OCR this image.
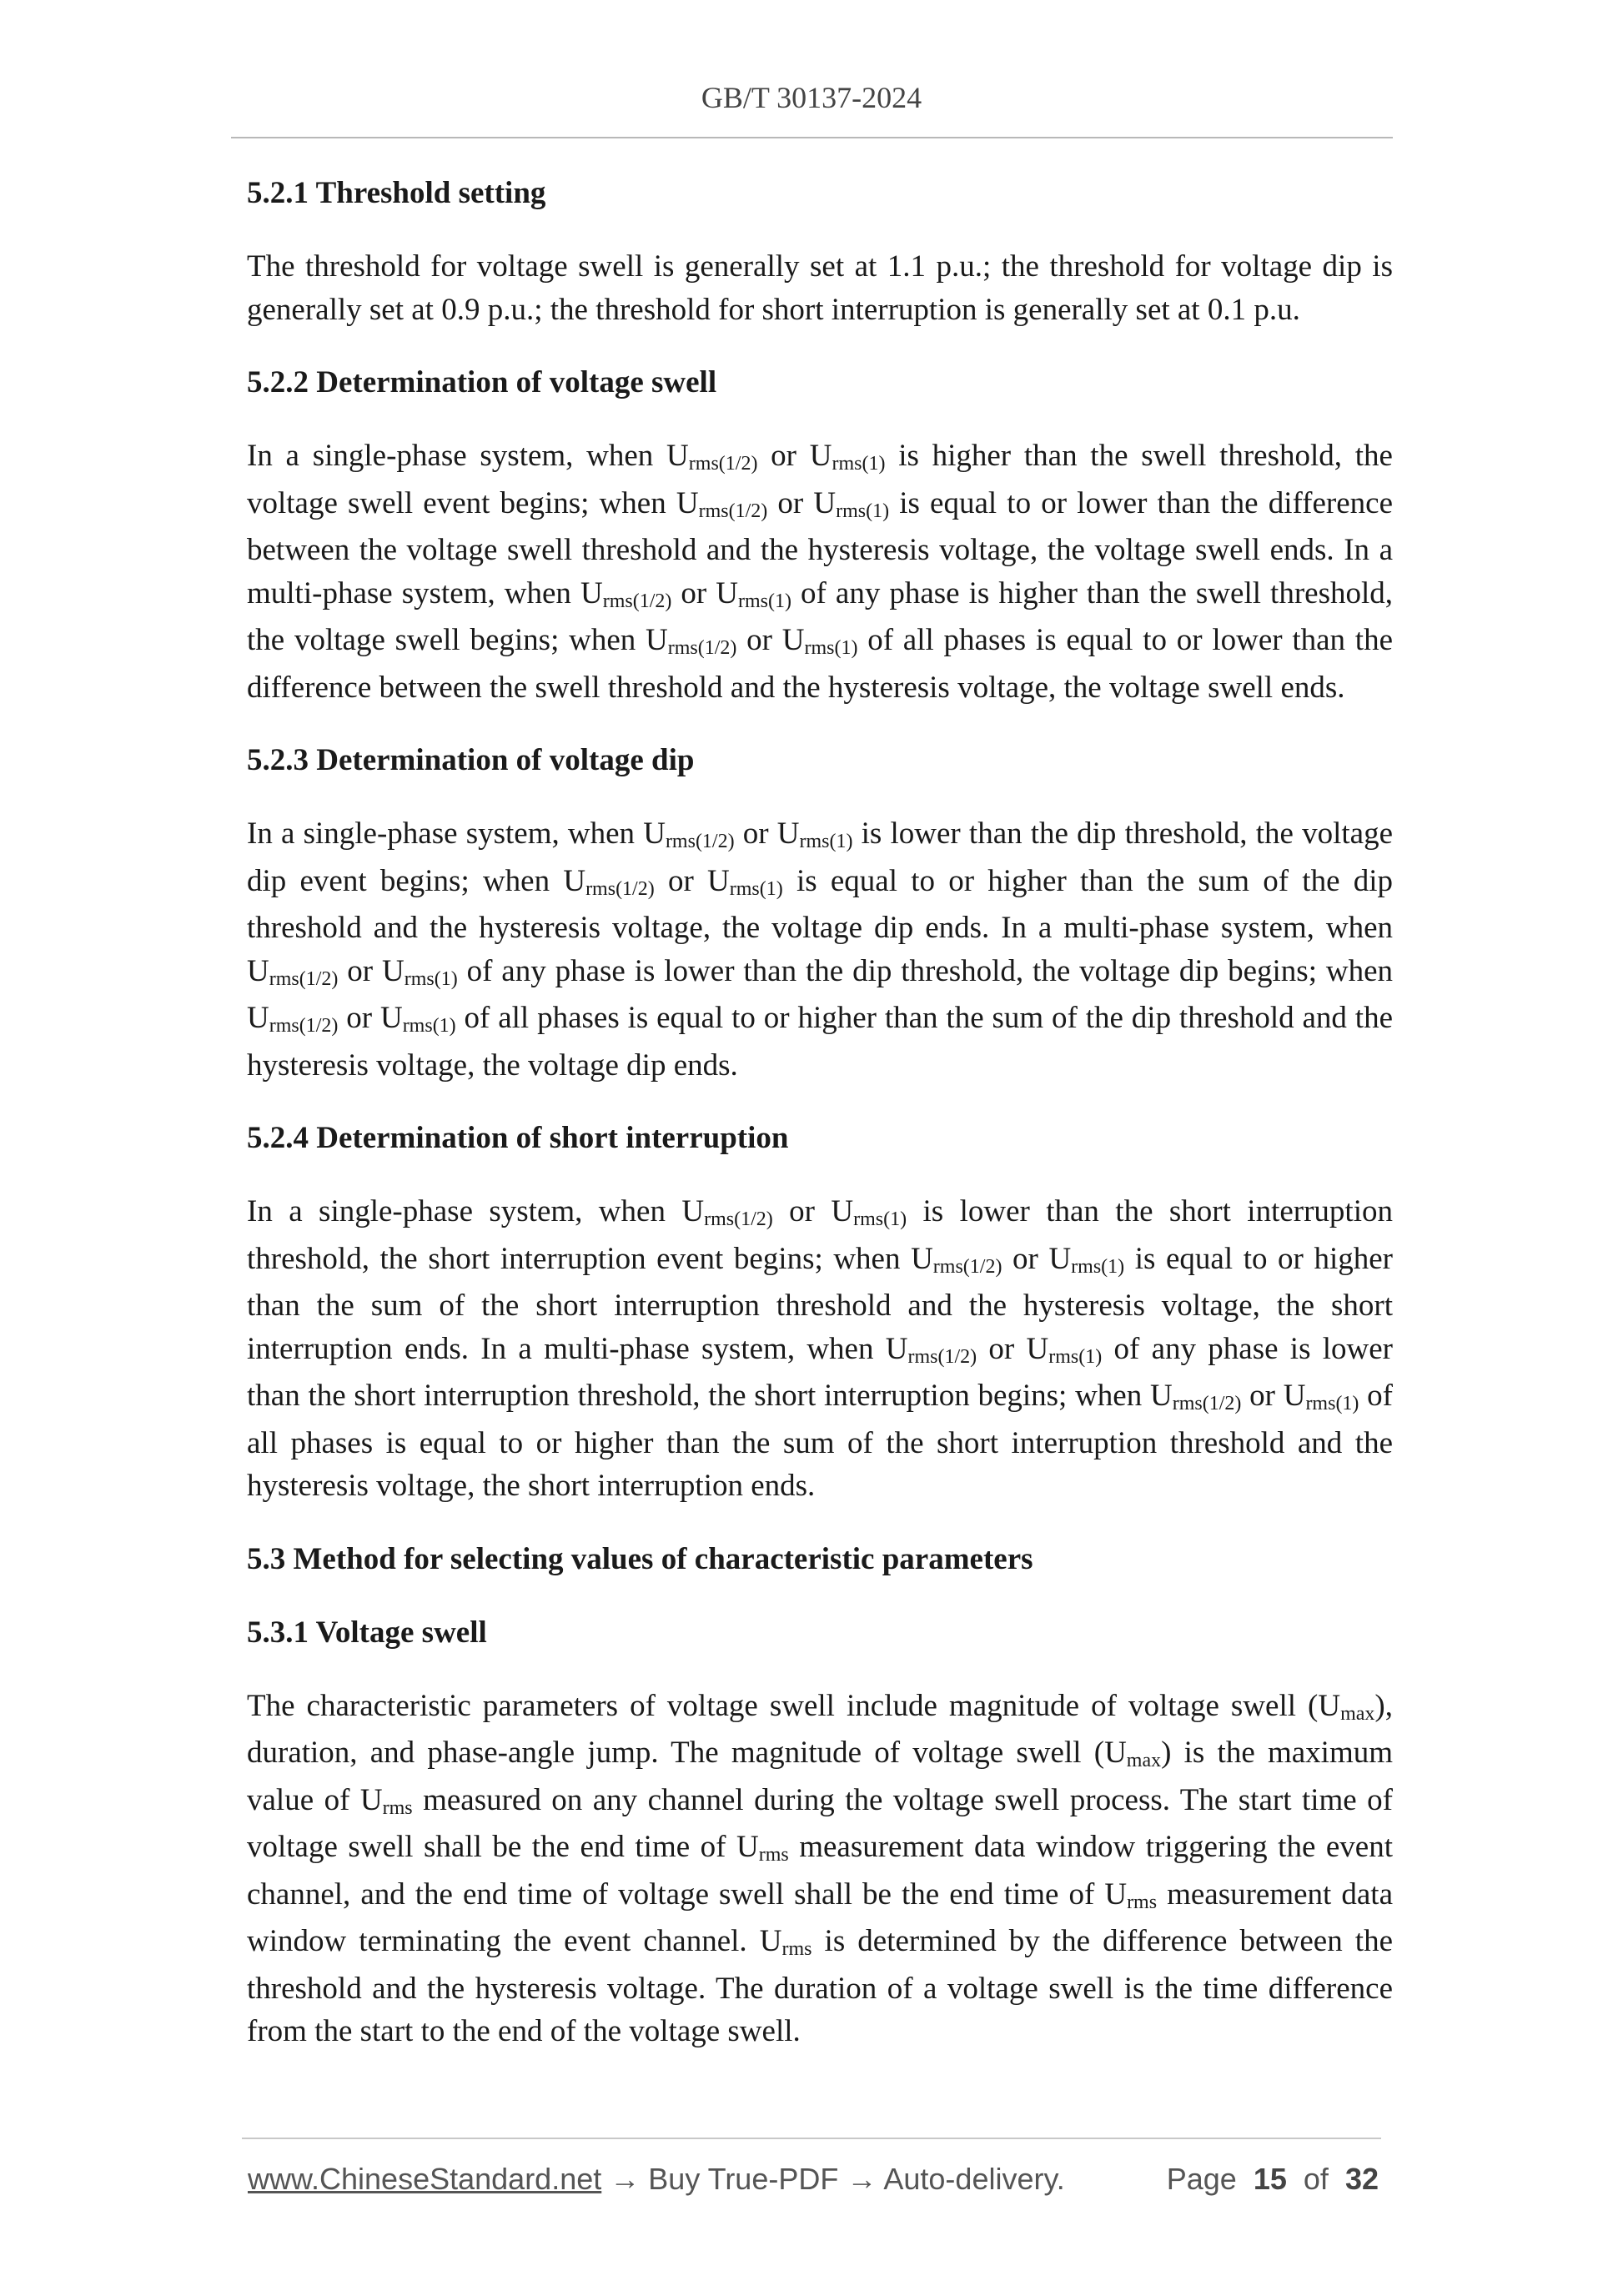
GB/T 30137-2024
5.2.1 Threshold setting

The threshold for voltage swell is generally set at 1.1 p.u.; the threshold for voltage dip is generally set at 0.9 p.u.; the threshold for short interruption is generally set at 0.1 p.u.

5.2.2 Determination of voltage swell

In a single-phase system, when Urms(1/2) or Urms(1) is higher than the swell threshold, the voltage swell event begins; when Urms(1/2) or Urms(1) is equal to or lower than the difference between the voltage swell threshold and the hysteresis voltage, the voltage swell ends. In a multi-phase system, when Urms(1/2) or Urms(1) of any phase is higher than the swell threshold, the voltage swell begins; when Urms(1/2) or Urms(1) of all phases is equal to or lower than the difference between the swell threshold and the hysteresis voltage, the voltage swell ends.

5.2.3 Determination of voltage dip

In a single-phase system, when Urms(1/2) or Urms(1) is lower than the dip threshold, the voltage dip event begins; when Urms(1/2) or Urms(1) is equal to or higher than the sum of the dip threshold and the hysteresis voltage, the voltage dip ends. In a multi-phase system, when Urms(1/2) or Urms(1) of any phase is lower than the dip threshold, the voltage dip begins; when Urms(1/2) or Urms(1) of all phases is equal to or higher than the sum of the dip threshold and the hysteresis voltage, the voltage dip ends.

5.2.4 Determination of short interruption

In a single-phase system, when Urms(1/2) or Urms(1) is lower than the short interruption threshold, the short interruption event begins; when Urms(1/2) or Urms(1) is equal to or higher than the sum of the short interruption threshold and the hysteresis voltage, the short interruption ends. In a multi-phase system, when Urms(1/2) or Urms(1) of any phase is lower than the short interruption threshold, the short interruption begins; when Urms(1/2) or Urms(1) of all phases is equal to or higher than the sum of the short interruption threshold and the hysteresis voltage, the short interruption ends.

5.3 Method for selecting values of characteristic parameters
5.3.1 Voltage swell

The characteristic parameters of voltage swell include magnitude of voltage swell (Umax), duration, and phase-angle jump. The magnitude of voltage swell (Umax) is the maximum value of Urms measured on any channel during the voltage swell process. The start time of voltage swell shall be the end time of Urms measurement data window triggering the event channel, and the end time of voltage swell shall be the end time of Urms measurement data window terminating the event channel. Urms is determined by the difference between the threshold and the hysteresis voltage. The duration of a voltage swell is the time difference from the start to the end of the voltage swell.

www.ChineseStandard.net → Buy True-PDF → Auto-delivery.	Page 15 of 32
